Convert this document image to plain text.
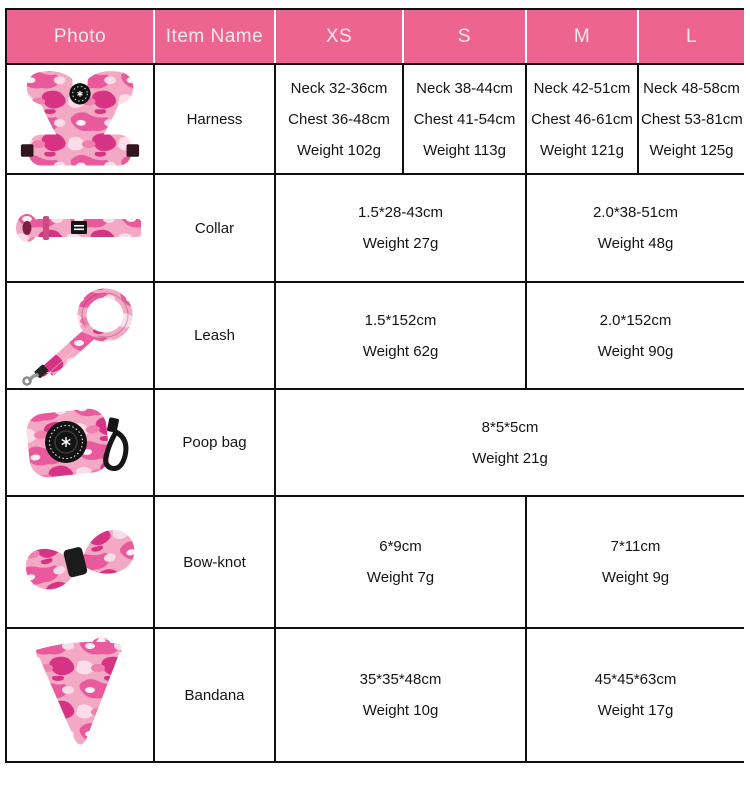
Photo	Item Name	XS	S	M	L

	Harness	
Neck 32-36cm
Chest 36-48cm
Weight 102g

Neck 38-44cm
Chest 41-54cm
Weight 113g

Neck 42-51cm
Chest 46-61cm
Weight 121g

Neck 48-58cm
Chest 53-81cm
Weight 125g

	Collar	
1.5*28-43cm
Weight 27g

2.0*38-51cm
Weight 48g

	Leash	
1.5*152cm
Weight 62g

2.0*152cm
Weight 90g

	Poop bag	8*5*5cm
Weight 21g			

	Bow-knot	
6*9cm
Weight 7g

7*11cm
Weight 9g

	Bandana	
35*35*48cm
Weight 10g

45*45*63cm
Weight 17g
